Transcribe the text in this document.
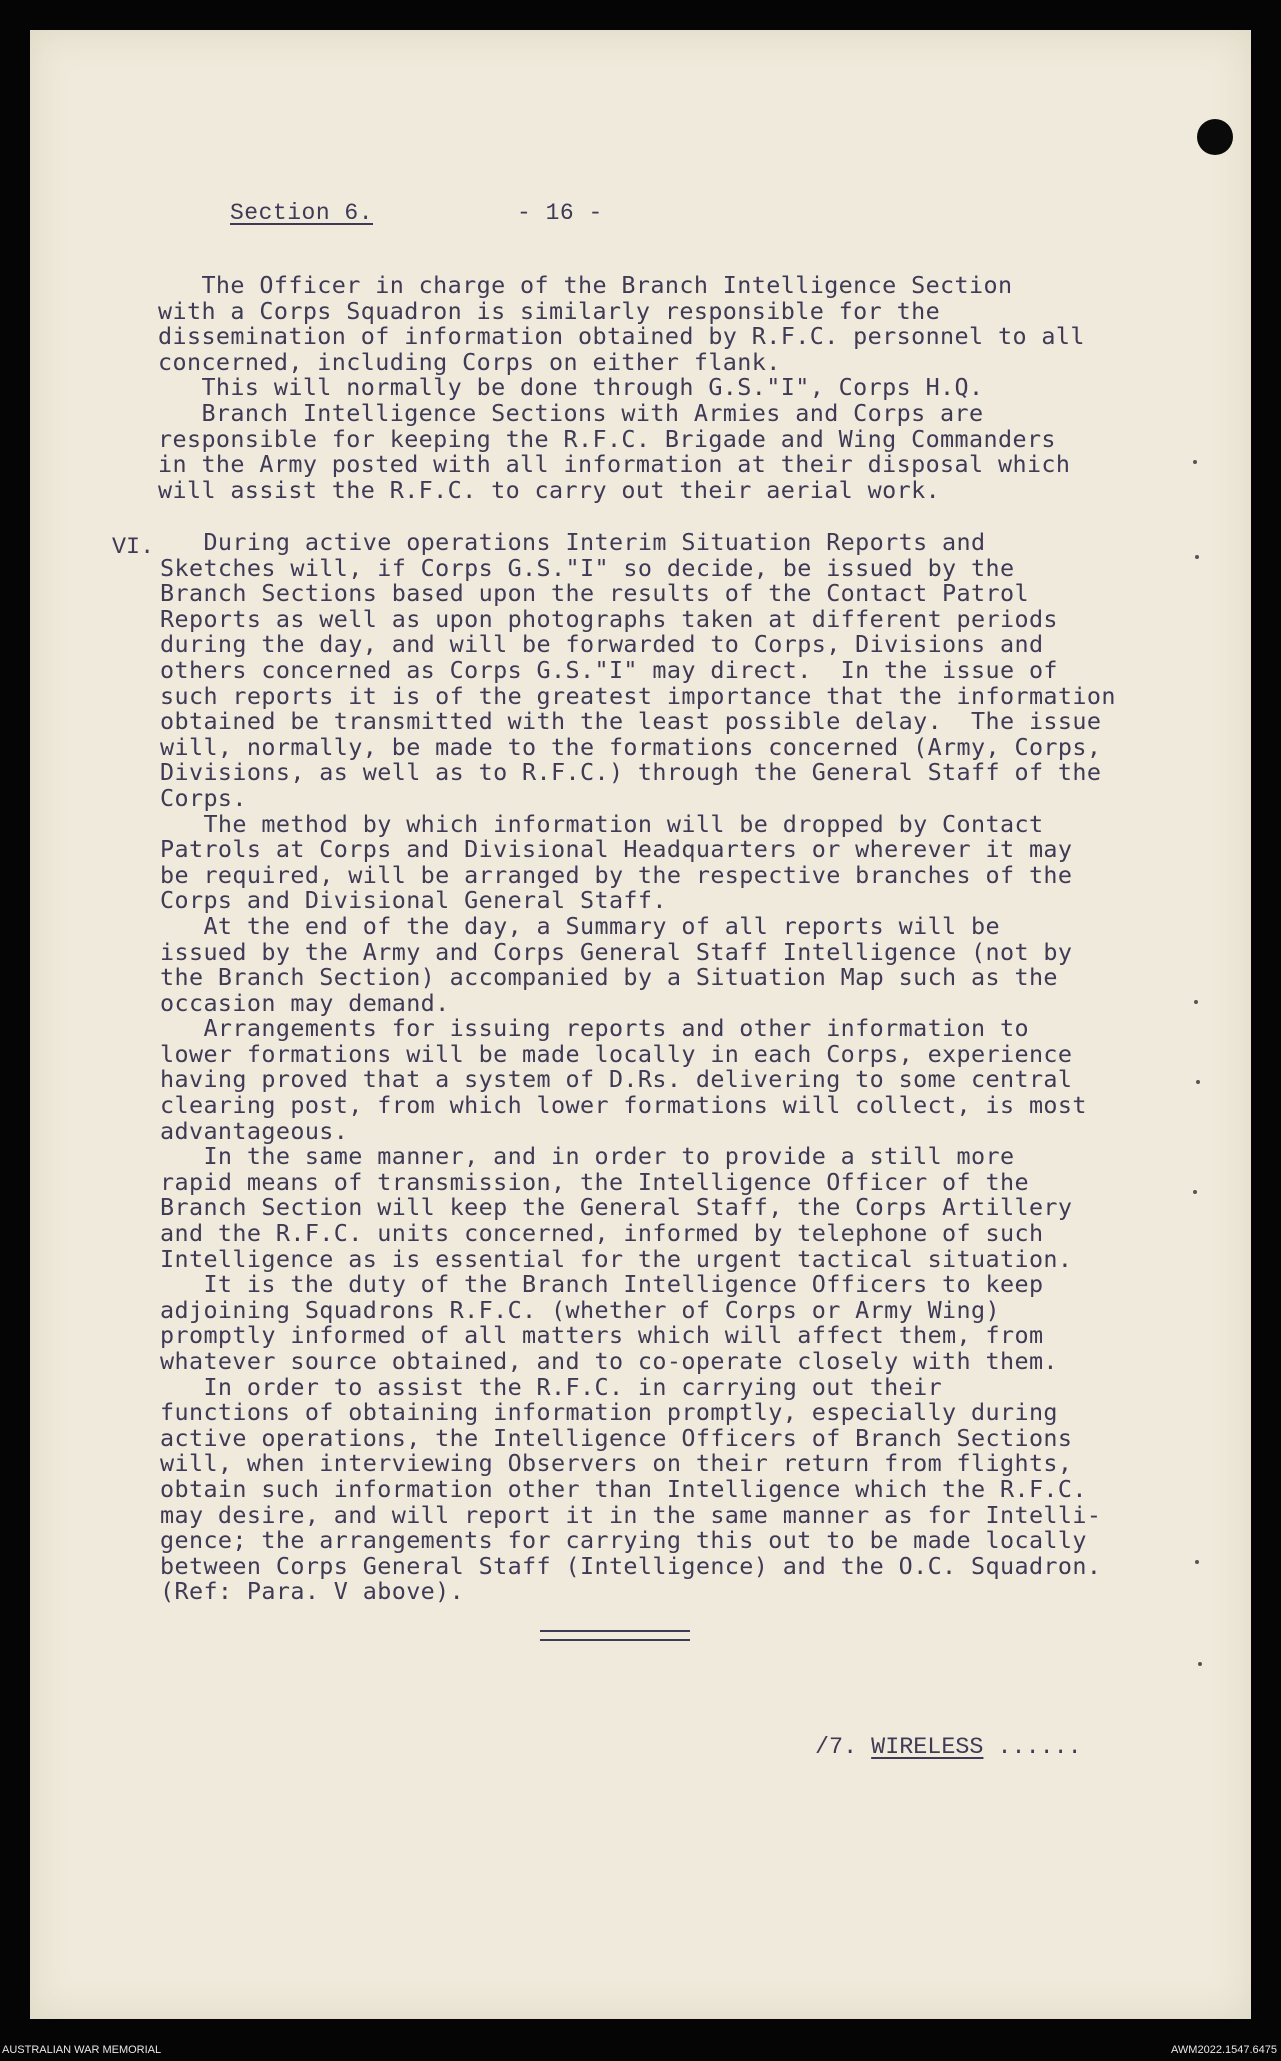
Section 6.	- 16 -
The Officer in charge of the Branch Intelligence Section
with a Corps Squadron is similarly responsible for the
dissemination of information obtained by R.F.C. personnel to all
concerned, including Corps on either flank.
This will normally be done through G.S."I", Corps H.Q.
Branch Intelligence Sections with Armies and Corps are
responsible for keeping the R.F.C. Brigade and Wing Commanders
in the Army posted with all information at their disposal which
will assist the R.F.C. to carry out their aerial work.
VI.	During active operations Interim Situation Reports and
Sketches will, if Corps G.S."I" so decide, be issued by the
Branch Sections based upon the results of the Contact Patrol
Reports as well as upon photographs taken at different periods
during the day, and will be forwarded to Corps, Divisions and
others concerned as Corps G.S."I" may direct.  In the issue of
such reports it is of the greatest importance that the information
obtained be transmitted with the least possible delay.  The issue
will, normally, be made to the formations concerned (Army, Corps,
Divisions, as well as to R.F.C.) through the General Staff of the
Corps.
The method by which information will be dropped by Contact
Patrols at Corps and Divisional Headquarters or wherever it may
be required, will be arranged by the respective branches of the
Corps and Divisional General Staff.
At the end of the day, a Summary of all reports will be
issued by the Army and Corps General Staff Intelligence (not by
the Branch Section) accompanied by a Situation Map such as the
occasion may demand.
Arrangements for issuing reports and other information to
lower formations will be made locally in each Corps, experience
having proved that a system of D.Rs. delivering to some central
clearing post, from which lower formations will collect, is most
advantageous.
In the same manner, and in order to provide a still more
rapid means of transmission, the Intelligence Officer of the
Branch Section will keep the General Staff, the Corps Artillery
and the R.F.C. units concerned, informed by telephone of such
Intelligence as is essential for the urgent tactical situation.
It is the duty of the Branch Intelligence Officers to keep
adjoining Squadrons R.F.C. (whether of Corps or Army Wing)
promptly informed of all matters which will affect them, from
whatever source obtained, and to co-operate closely with them.
In order to assist the R.F.C. in carrying out their
functions of obtaining information promptly, especially during
active operations, the Intelligence Officers of Branch Sections
will, when interviewing Observers on their return from flights,
obtain such information other than Intelligence which the R.F.C.
may desire, and will report it in the same manner as for Intelli-
gence; the arrangements for carrying this out to be made locally
between Corps General Staff (Intelligence) and the O.C. Squadron.
(Ref: Para. V above).
/7. WIRELESS ......
AUSTRALIAN WAR MEMORIAL	AWM2022.1547.6475
